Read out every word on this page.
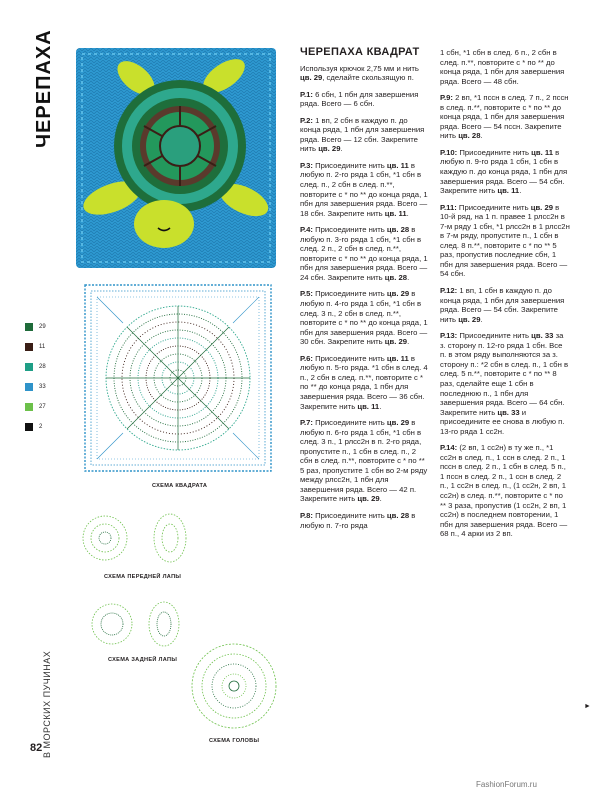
ЧЕРЕПАХА
В МОРСКИХ ПУЧИНАХ
82
СХЕМА КВАДРАТА
СХЕМА ПЕРЕДНЕЙ ЛАПЫ
СХЕМА ЗАДНЕЙ ЛАПЫ
СХЕМА ГОЛОВЫ
29
11
28
33
27
2
ЧЕРЕПАХА КВАДРАТ

Используя крючок 2,75 мм и нить цв. 29, сделайте скользящую п.

Р.1: 6 сбн, 1 пбн для завершения ряда. Всего — 6 сбн.

Р.2: 1 вп, 2 сбн в каждую п. до конца ряда, 1 пбн для завершения ряда. Всего — 12 сбн. Закрепите нить цв. 29.

Р.3: Присоедините нить цв. 11 в любую п. 2-го ряда 1 сбн, *1 сбн в след. п., 2 сбн в след. п.**, повторите с * по ** до конца ряда, 1 пбн для завершения ряда. Всего — 18 сбн. Закрепите нить цв. 11.

Р.4: Присоедините нить цв. 28 в любую п. 3-го ряда 1 сбн, *1 сбн в след. 2 п., 2 сбн в след. п.**, повторите с * по ** до конца ряда, 1 пбн для завершения ряда. Всего — 24 сбн. Закрепите нить цв. 28.

Р.5: Присоедините нить цв. 29 в любую п. 4-го ряда 1 сбн, *1 сбн в след. 3 п., 2 сбн в след. п.**, повторите с * по ** до конца ряда, 1 пбн для завершения ряда. Всего — 30 сбн. Закрепите нить цв. 29.

Р.6: Присоедините нить цв. 11 в любую п. 5-го ряда. *1 сбн в след. 4 п., 2 сбн в след. п.**, повторите с * по ** до конца ряда, 1 пбн для завершения ряда. Всего — 36 сбн. Закрепите нить цв. 11.

Р.7: Присоедините нить цв. 29 в любую п. 6-го ряда 1 сбн, *1 сбн в след. 3 п., 1 рлсс2н в п. 2-го ряда, пропустите п., 1 сбн в след. п., 2 сбн в след. п.**, повторите с * по ** 5 раз, пропустите 1 сбн во 2-м ряду между рлсс2н, 1 пбн для завершения ряда. Всего — 42 п. Закрепите нить цв. 29.

Р.8: Присоедините нить цв. 28 в любую п. 7-го ряда

1 сбн, *1 сбн в след. 6 п., 2 сбн в след. п.**, повторите с * по ** до конца ряда, 1 пбн для завершения ряда. Всего — 48 сбн.

Р.9: 2 вп, *1 пссн в след. 7 п., 2 пссн в след. п.**, повторите с * по ** до конца ряда, 1 пбн для завершения ряда. Всего — 54 пссн. Закрепите нить цв. 28.

Р.10: Присоедините нить цв. 11 в любую п. 9-го ряда 1 сбн, 1 сбн в каждую п. до конца ряда, 1 пбн для завершения ряда. Всего — 54 сбн. Закрепите нить цв. 11.

Р.11: Присоедините нить цв. 29 в 10-й ряд, на 1 п. правее 1 рлсс2н в 7-м ряду 1 сбн, *1 рлсс2н в 1 рлсс2н в 7-м ряду, пропустите п., 1 сбн в след. 8 п.**, повторите с * по ** 5 раз, пропустив последние сбн, 1 пбн для завершения ряда. Всего — 54 сбн.

Р.12: 1 вп, 1 сбн в каждую п. до конца ряда, 1 пбн для завершения ряда. Всего — 54 сбн. Закрепите нить цв. 29.

Р.13: Присоедините нить цв. 33 за з. сторону п. 12-го ряда 1 сбн. Все п. в этом ряду выполняются за з. сторону п.: *2 сбн в след. п., 1 сбн в след. 5 п.**, повторите с * по ** 8 раз, сделайте еще 1 сбн в последнюю п., 1 пбн для завершения ряда. Всего — 64 сбн. Закрепите нить цв. 33 и присоедините ее снова в любую п. 13-го ряда 1 сс2н.

Р.14: (2 вп, 1 сс2н) в ту же п., *1 сс2н в след. п., 1 ссн в след. 2 п., 1 пссн в след. 2 п., 1 сбн в след. 5 п., 1 пссн в след. 2 п., 1 ссн в след. 2 п., 1 сс2н в след. п., (1 сс2н, 2 вп, 1 сс2н) в след. п.**, повторите с * по ** 3 раза, пропустив (1 сс2н, 2 вп, 1 сс2н) в последнем повторении, 1 пбн для завершения ряда. Всего — 68 п., 4 арки из 2 вп.

►
FashionForum.ru
